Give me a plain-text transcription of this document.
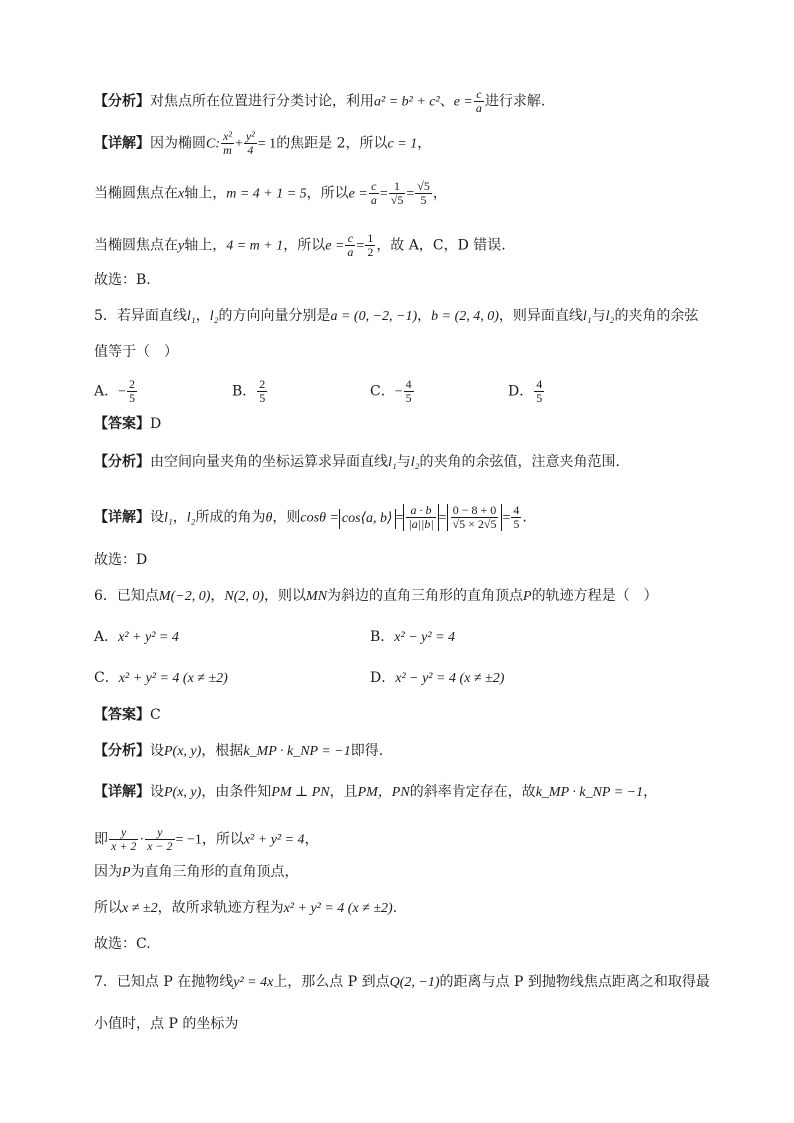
【分析】对焦点所在位置进行分类讨论，利用a² = b² + c²、$e = \frac{c}{a}$ 进行求解.
【详解】因为椭圆C: $\frac{\text{x²}}{m} + \frac{\text{y²}}{4} = 1$的焦距是 2，所以c = 1，
当椭圆焦点在x轴上，m = 4 + 1 = 5，所以$e = \frac{c}{a} = \frac{1}{√5} = \frac{√5}{5}$ ，
当椭圆焦点在y轴上，4 = m + 1，所以$e = \frac{c}{a} = \frac{1}{2}$ ，故 A，C，D 错误.
故选：B.
5．若异面直线l₁，l₂的方向向量分别是a = (0, −2, −1)，b = (2, 4, 0)，则异面直线l₁与l₂的夹角的余弦
值等于（　）
A．− $\frac{2}{5}$	B． $\frac{2}{5}$	C．− $\frac{4}{5}$	D． $\frac{4}{5}$
【答案】D
【分析】由空间向量夹角的坐标运算求异面直线l₁与l₂的夹角的余弦值，注意夹角范围.
【详解】设l₁，l₂所成的角为θ，则cosθ = cos⟨a, b⟩ = $\frac{a \cdot b}{|a||b|} = \frac{0 - 8 + 0}{√5 \times 2√5} = \frac{4}{5}$ .
故选：D
6．已知点M(−2, 0)，N(2, 0)，则以MN为斜边的直角三角形的直角顶点P的轨迹方程是（　）
A．x² + y² = 4	B．x² − y² = 4
C．x² + y² = 4 (x ≠ ±2)	D．x² − y² = 4 (x ≠ ±2)
【答案】C
【分析】设P(x, y)，根据k_MP · k_NP = −1即得.
【详解】设P(x, y)，由条件知PM ⊥ PN，且PM，PN的斜率肯定存在，故k_MP · k_NP = −1，
即 $\frac{y}{x + 2} \cdot \frac{y}{x - 2} = -1$，所以x² + y² = 4，
因为P为直角三角形的直角顶点，
所以x ≠ ±2，故所求轨迹方程为x² + y² = 4 (x ≠ ±2).
故选：C.
7．已知点 P 在抛物线y² = 4x上，那么点 P 到点Q(2, −1)的距离与点 P 到抛物线焦点距离之和取得最
小值时，点 P 的坐标为
